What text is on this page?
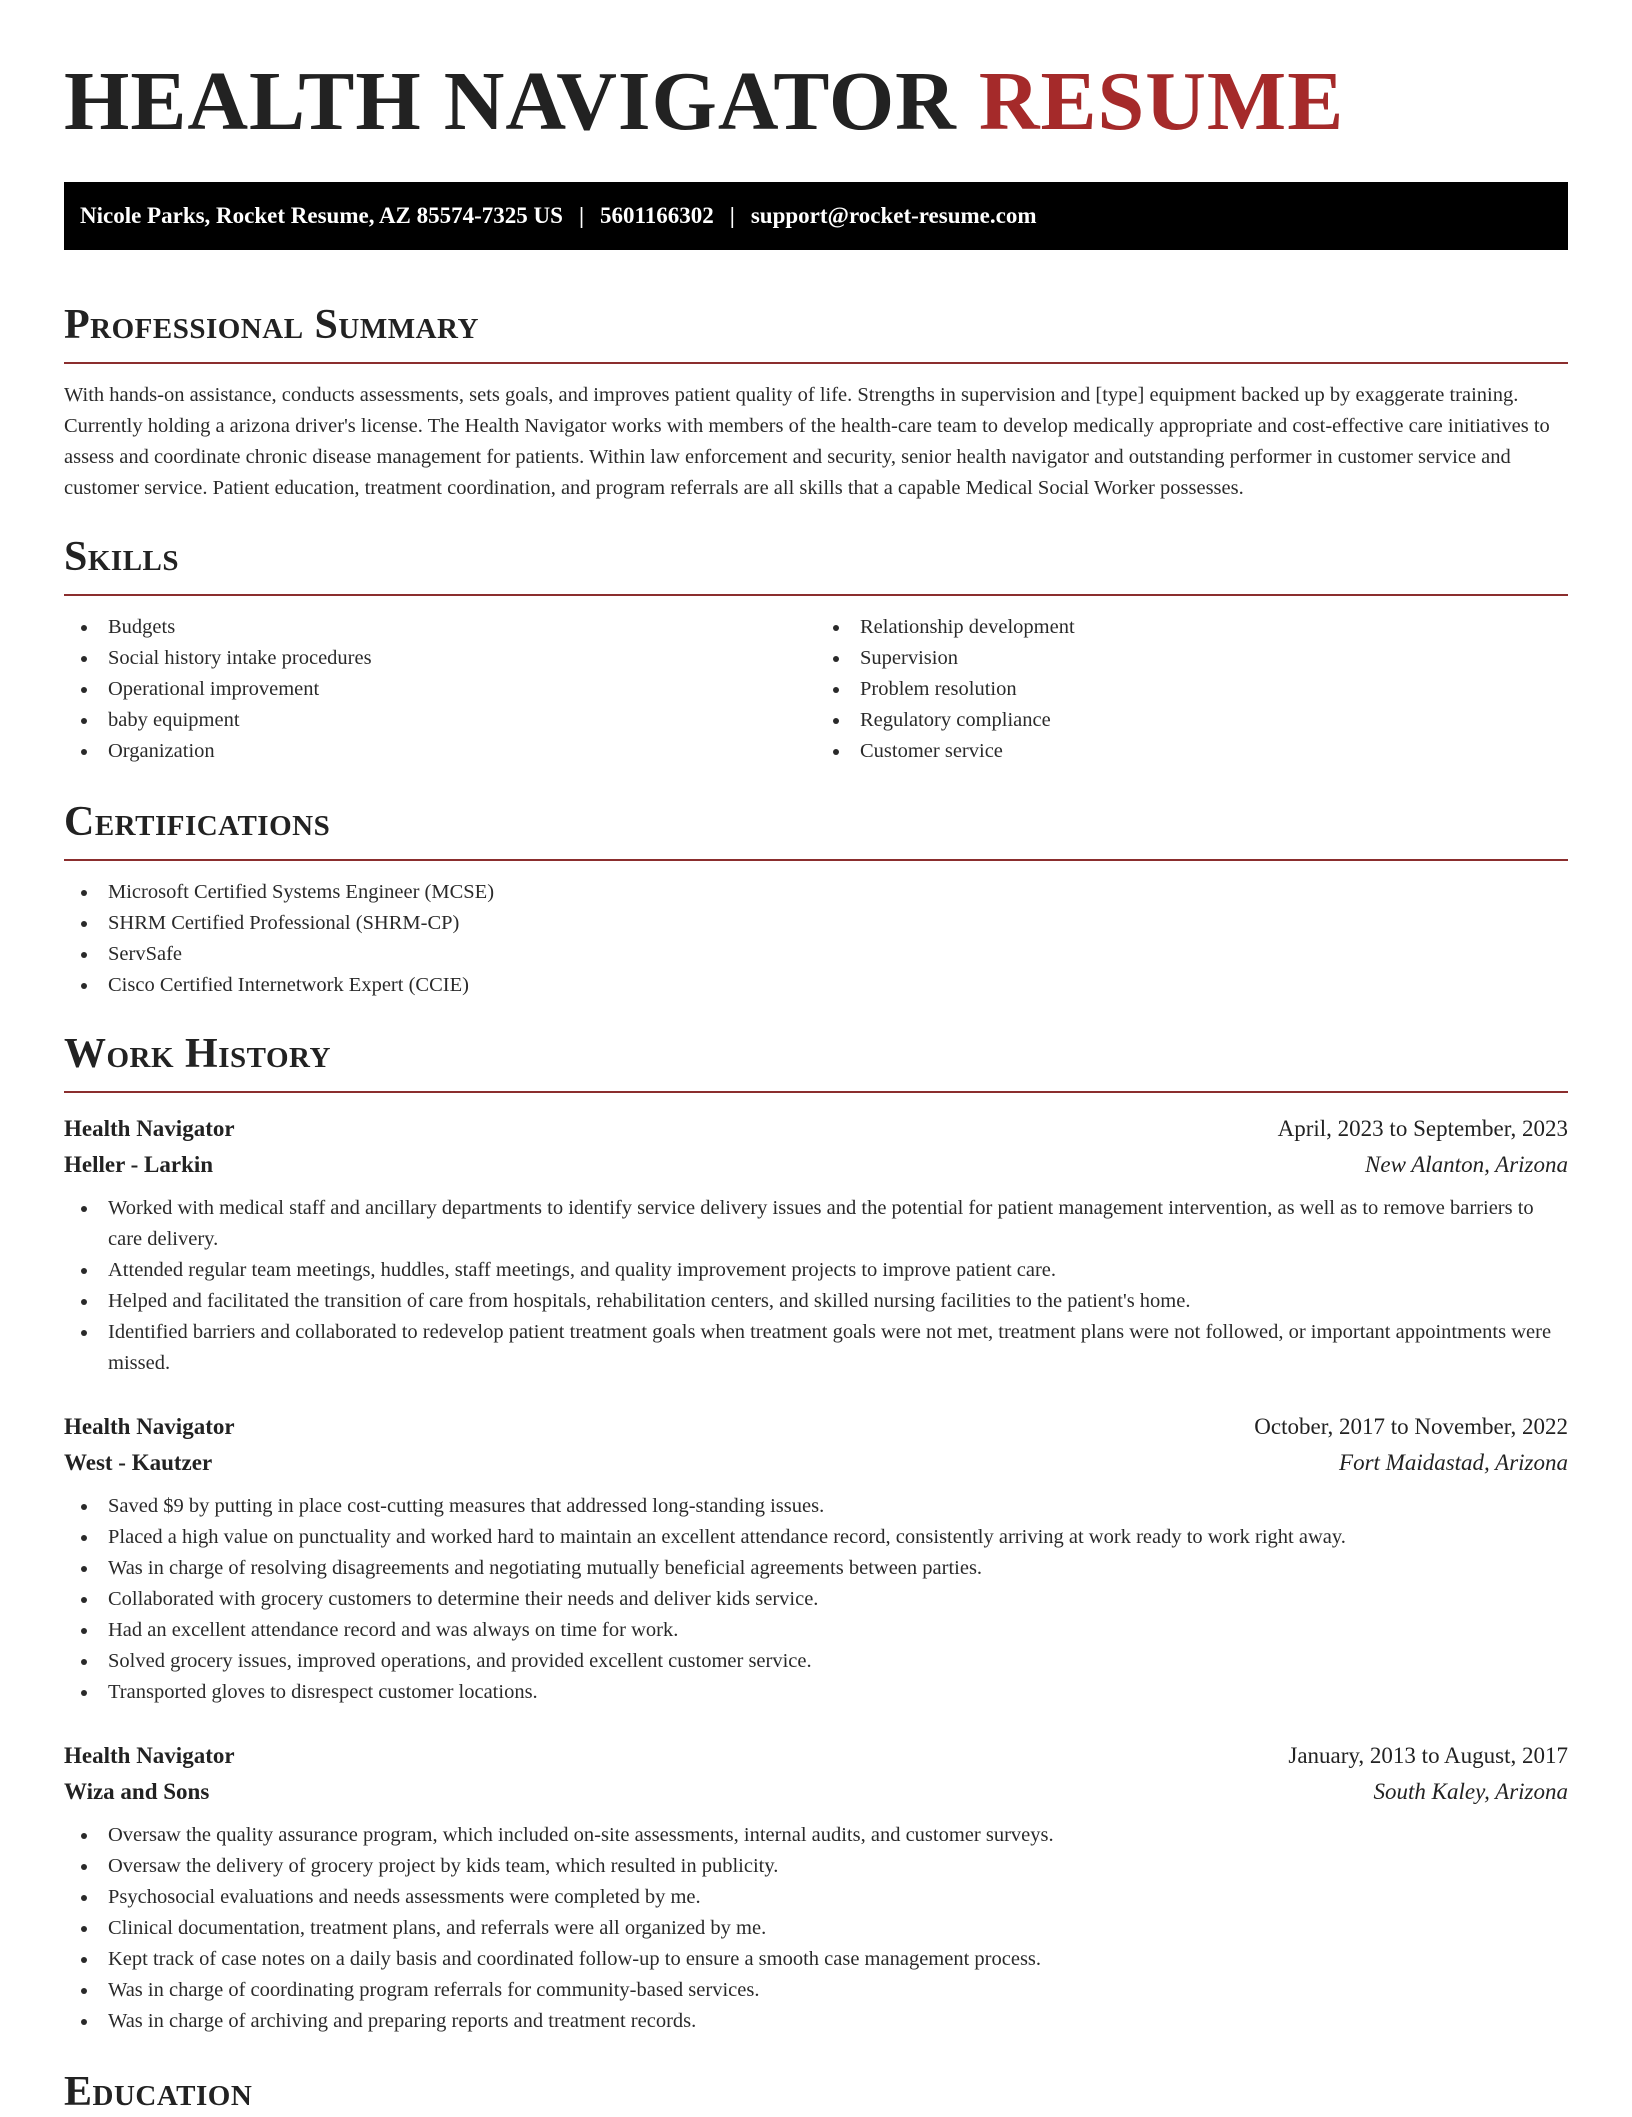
HEALTH NAVIGATOR RESUME
Nicole Parks, Rocket Resume, AZ 85574-7325 US | 5601166302 | support@rocket-resume.com
Professional Summary

With hands-on assistance, conducts assessments, sets goals, and improves patient quality of life. Strengths in supervision and [type] equipment backed up by exaggerate training. Currently holding a arizona driver's license. The Health Navigator works with members of the health-care team to develop medically appropriate and cost-effective care initiatives to assess and coordinate chronic disease management for patients. Within law enforcement and security, senior health navigator and outstanding performer in customer service and customer service. Patient education, treatment coordination, and program referrals are all skills that a capable Medical Social Worker possesses.

Skills
Budgets
Social history intake procedures
Operational improvement
baby equipment
Organization
Relationship development
Supervision
Problem resolution
Regulatory compliance
Customer service
Certifications
Microsoft Certified Systems Engineer (MCSE)
SHRM Certified Professional (SHRM-CP)
ServSafe
Cisco Certified Internetwork Expert (CCIE)
Work History
Health Navigator	April, 2023 to September, 2023
Heller - Larkin	New Alanton, Arizona
Worked with medical staff and ancillary departments to identify service delivery issues and the potential for patient management intervention, as well as to remove barriers to care delivery.
Attended regular team meetings, huddles, staff meetings, and quality improvement projects to improve patient care.
Helped and facilitated the transition of care from hospitals, rehabilitation centers, and skilled nursing facilities to the patient's home.
Identified barriers and collaborated to redevelop patient treatment goals when treatment goals were not met, treatment plans were not followed, or important appointments were missed.
Health Navigator	October, 2017 to November, 2022
West - Kautzer	Fort Maidastad, Arizona
Saved $9 by putting in place cost-cutting measures that addressed long-standing issues.
Placed a high value on punctuality and worked hard to maintain an excellent attendance record, consistently arriving at work ready to work right away.
Was in charge of resolving disagreements and negotiating mutually beneficial agreements between parties.
Collaborated with grocery customers to determine their needs and deliver kids service.
Had an excellent attendance record and was always on time for work.
Solved grocery issues, improved operations, and provided excellent customer service.
Transported gloves to disrespect customer locations.
Health Navigator	January, 2013 to August, 2017
Wiza and Sons	South Kaley, Arizona
Oversaw the quality assurance program, which included on-site assessments, internal audits, and customer surveys.
Oversaw the delivery of grocery project by kids team, which resulted in publicity.
Psychosocial evaluations and needs assessments were completed by me.
Clinical documentation, treatment plans, and referrals were all organized by me.
Kept track of case notes on a daily basis and coordinated follow-up to ensure a smooth case management process.
Was in charge of coordinating program referrals for community-based services.
Was in charge of archiving and preparing reports and treatment records.
Education
